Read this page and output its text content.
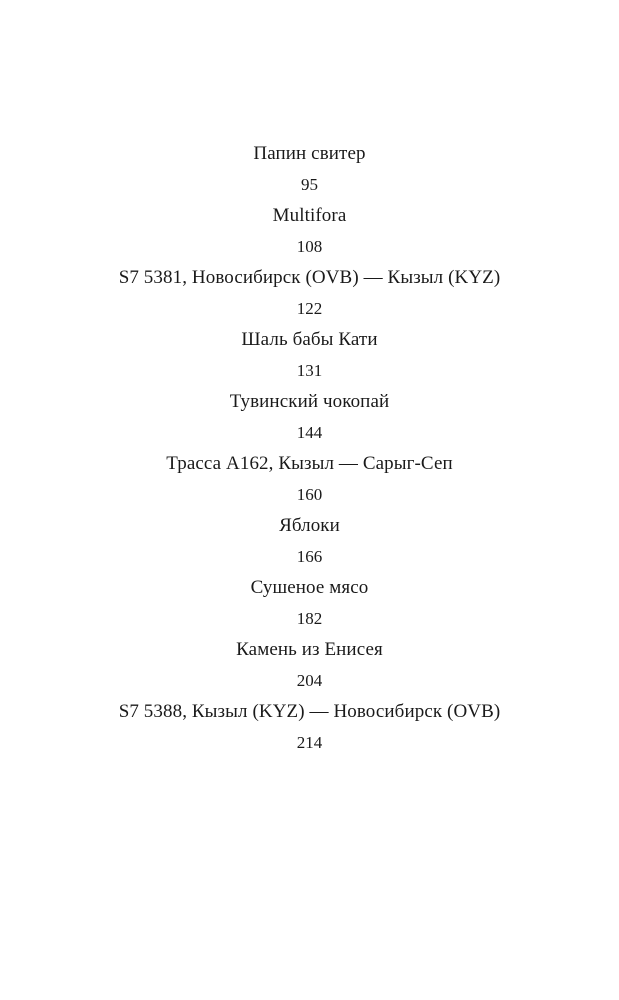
Папин свитер
95
Multifora
108
S7 5381, Новосибирск (OVB) — Кызыл (KYZ)
122
Шаль бабы Кати
131
Тувинский чокопай
144
Трасса А162, Кызыл — Сарыг-Сеп
160
Яблоки
166
Сушеное мясо
182
Камень из Енисея
204
S7 5388, Кызыл (KYZ) — Новосибирск (OVB)
214
